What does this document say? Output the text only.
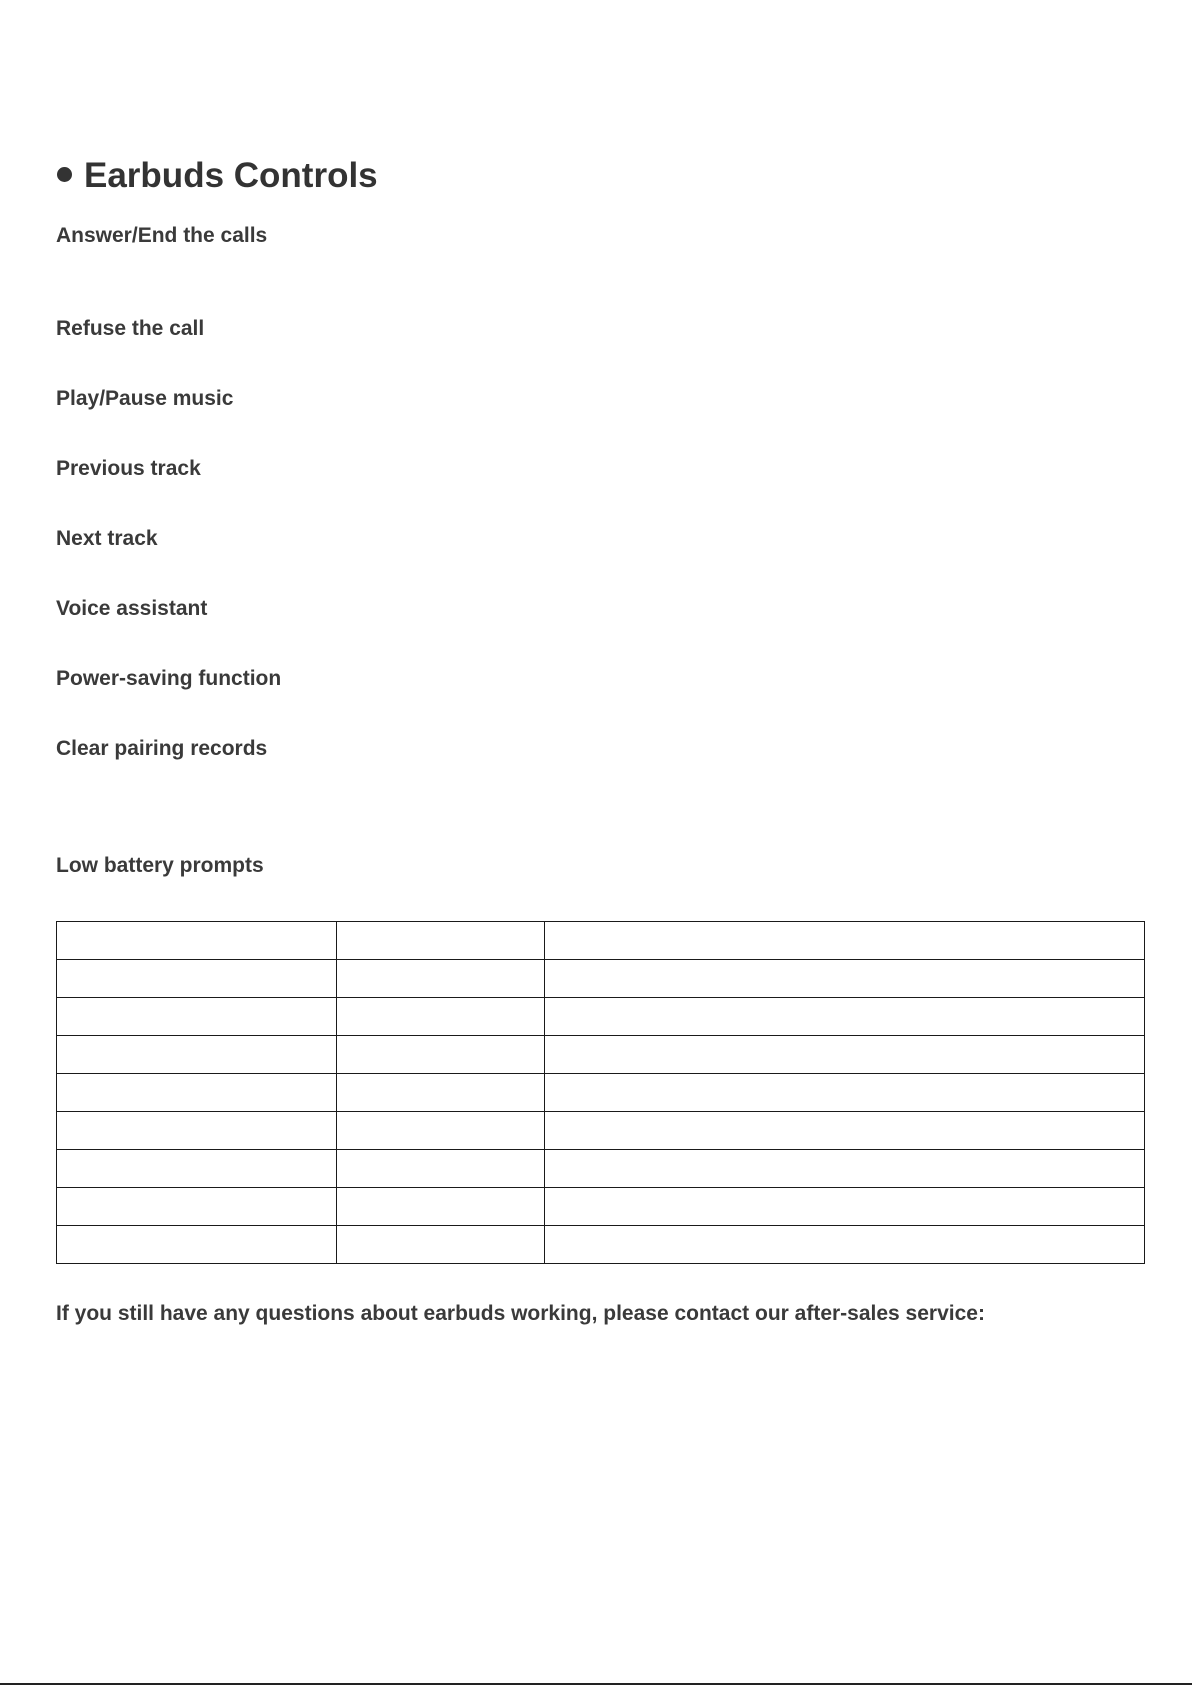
Earbuds Controls

Answer/End the calls

Refuse the call

Play/Pause music

Previous track

Next track

Voice assistant

Power-saving function

Clear pairing records

Low battery prompts

If you still have any questions about earbuds working, please contact our after-sales service:
